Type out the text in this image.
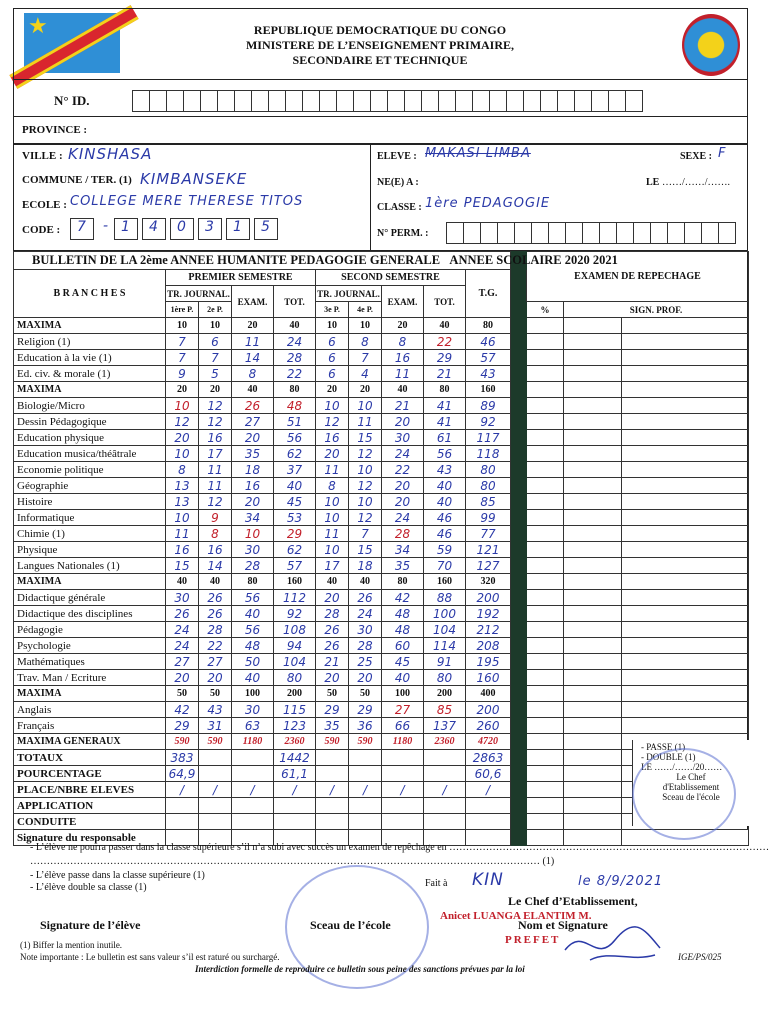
★	REPUBLIQUE DEMOCRATIQUE DU CONGO
MINISTERE DE L’ENSEIGNEMENT PRIMAIRE,
SECONDAIRE ET TECHNIQUE
N° ID.
PROVINCE :
VILLE : KINSHASA
COMMUNE / TER. (1) KIMBANSEKE
ECOLE : COLLEGE MERE THERESE TITOS
CODE :	7	- 1	4	0	3	1	5
ELEVE : MAKASI LIMBA	SEXE : F
NE(E) A :	LE ……/……/…….
CLASSE : 1ère PEDAGOGIE
N° PERM. :
BULLETIN DE LA 2ème ANNEE HUMANITE PEDAGOGIE GENERALE ANNEE SCOLAIRE 2020 2021											EXAMEN DE REPECHAGE		
B R A N C H E S	PREMIER SEMESTRE				SECOND SEMESTRE				T.G.				
	TR. JOURNAL.		EXAM.	TOT.	TR. JOURNAL.		EXAM.	TOT.					
	1ère P.	2e P.			3e P.	4e P.					%	SIGN. PROF.	
MAXIMA	10	10	20	40	10	10	20	40	80				
Religion (1)	7	6	11	24	6	8	8	22	46				
Education à la vie (1)	7	7	14	28	6	7	16	29	57				
Ed. civ. & morale (1)	9	5	8	22	6	4	11	21	43				
MAXIMA	20	20	40	80	20	20	40	80	160				
Biologie/Micro	10	12	26	48	10	10	21	41	89				
Dessin Pédagogique	12	12	27	51	12	11	20	41	92				
Education physique	20	16	20	56	16	15	30	61	117				
Education musica/théâtrale	10	17	35	62	20	12	24	56	118				
Economie politique	8	11	18	37	11	10	22	43	80				
Géographie	13	11	16	40	8	12	20	40	80				
Histoire	13	12	20	45	10	10	20	40	85				
Informatique	10	9	34	53	10	12	24	46	99				
Chimie (1)	11	8	10	29	11	7	28	46	77				
Physique	16	16	30	62	10	15	34	59	121				
Langues Nationales (1)	15	14	28	57	17	18	35	70	127				
MAXIMA	40	40	80	160	40	40	80	160	320				
Didactique générale	30	26	56	112	20	26	42	88	200				
Didactique des disciplines	26	26	40	92	28	24	48	100	192				
Pédagogie	24	28	56	108	26	30	48	104	212				
Psychologie	24	22	48	94	26	28	60	114	208				
Mathématiques	27	27	50	104	21	25	45	91	195				
Trav. Man / Ecriture	20	20	40	80	20	20	40	80	160				
MAXIMA	50	50	100	200	50	50	100	200	400				
Anglais	42	43	30	115	29	29	27	85	200				
Français	29	31	63	123	35	36	66	137	260				
MAXIMA GENERAUX	590	590	1180	2360	590	590	1180	2360	4720				
TOTAUX	383			1442					2863				
POURCENTAGE	64,9			61,1					60,6				
PLACE/NBRE ELEVES	/	/	/	/	/	/	/	/	/				
APPLICATION													
CONDUITE													
Signature du responsable													
- PASSE (1)
- DOUBLE (1)
LE ……/……/20……
Le Chef
d'Etablissement
Sceau de l'école
- L’élève ne pourra passer dans la classe supérieure s’il n’a subi avec succès un examen de repêchage en ……………………………………………………………………………………
……………………………………………………………………………………………………………………………………… (1)
- L’élève passe dans la classe supérieure (1)
- L’élève double sa classe (1)	Fait à KIN	le 8/9/2021
Le Chef d’Etablissement,
Nom et Signature
Signature de l’élève	Sceau de l’école
Anicet LUANGA ELANTIM M.
PREFET
(1) Biffer la mention inutile.
Note importante : Le bulletin est sans valeur s’il est raturé ou surchargé.	IGE/PS/025
Interdiction formelle de reproduire ce bulletin sous peine des sanctions prévues par la loi
